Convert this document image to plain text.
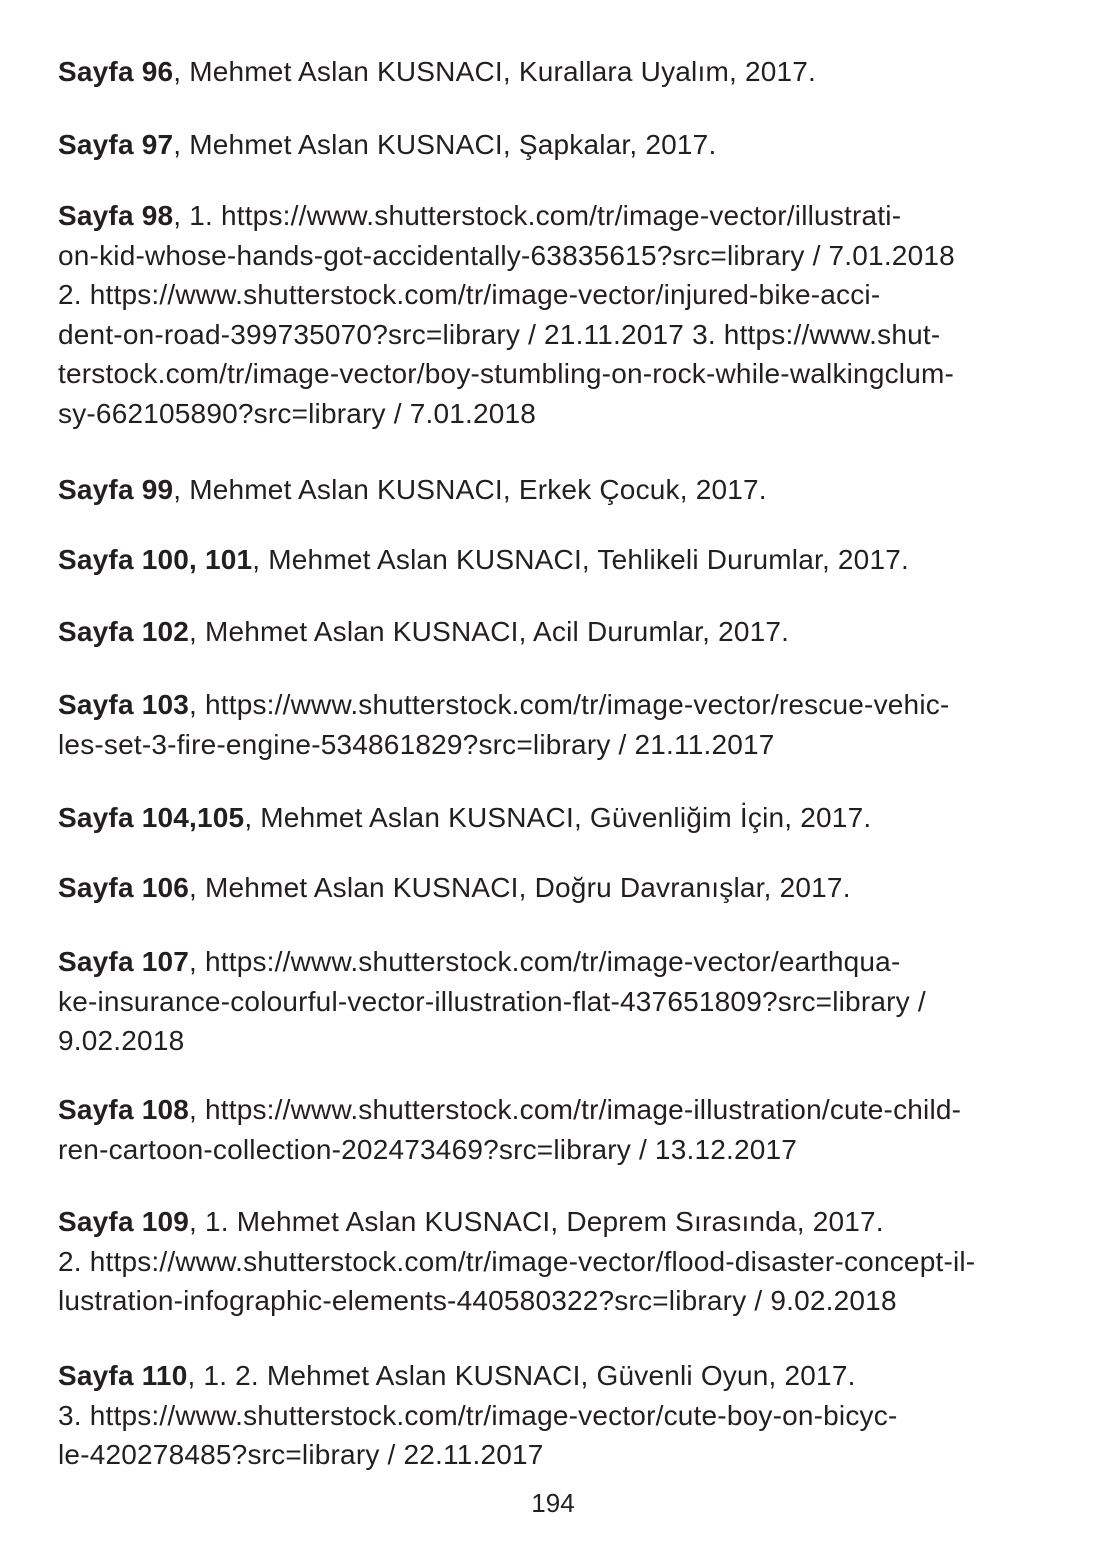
Sayfa 96, Mehmet Aslan KUSNACI, Kurallara Uyalım, 2017.
Sayfa 97, Mehmet Aslan KUSNACI, Şapkalar, 2017.
Sayfa 98, 1. https://www.shutterstock.com/tr/image-vector/illustrati-
on-kid-whose-hands-got-accidentally-63835615?src=library / 7.01.2018
2. https://www.shutterstock.com/tr/image-vector/injured-bike-acci-
dent-on-road-399735070?src=library / 21.11.2017 3. https://www.shut-
terstock.com/tr/image-vector/boy-stumbling-on-rock-while-walkingclum-
sy-662105890?src=library / 7.01.2018
Sayfa 99, Mehmet Aslan KUSNACI, Erkek Çocuk, 2017.
Sayfa 100, 101, Mehmet Aslan KUSNACI, Tehlikeli Durumlar, 2017.
Sayfa 102, Mehmet Aslan KUSNACI, Acil Durumlar, 2017.
Sayfa 103, https://www.shutterstock.com/tr/image-vector/rescue-vehic-
les-set-3-fire-engine-534861829?src=library / 21.11.2017
Sayfa 104,105, Mehmet Aslan KUSNACI, Güvenliğim İçin, 2017.
Sayfa 106, Mehmet Aslan KUSNACI, Doğru Davranışlar, 2017.
Sayfa 107, https://www.shutterstock.com/tr/image-vector/earthqua-
ke-insurance-colourful-vector-illustration-flat-437651809?src=library /
9.02.2018
Sayfa 108, https://www.shutterstock.com/tr/image-illustration/cute-child-
ren-cartoon-collection-202473469?src=library / 13.12.2017
Sayfa 109, 1. Mehmet Aslan KUSNACI, Deprem Sırasında, 2017.
2. https://www.shutterstock.com/tr/image-vector/flood-disaster-concept-il-
lustration-infographic-elements-440580322?src=library / 9.02.2018
Sayfa 110, 1. 2. Mehmet Aslan KUSNACI, Güvenli Oyun, 2017.
3. https://www.shutterstock.com/tr/image-vector/cute-boy-on-bicyc-
le-420278485?src=library / 22.11.2017
194
